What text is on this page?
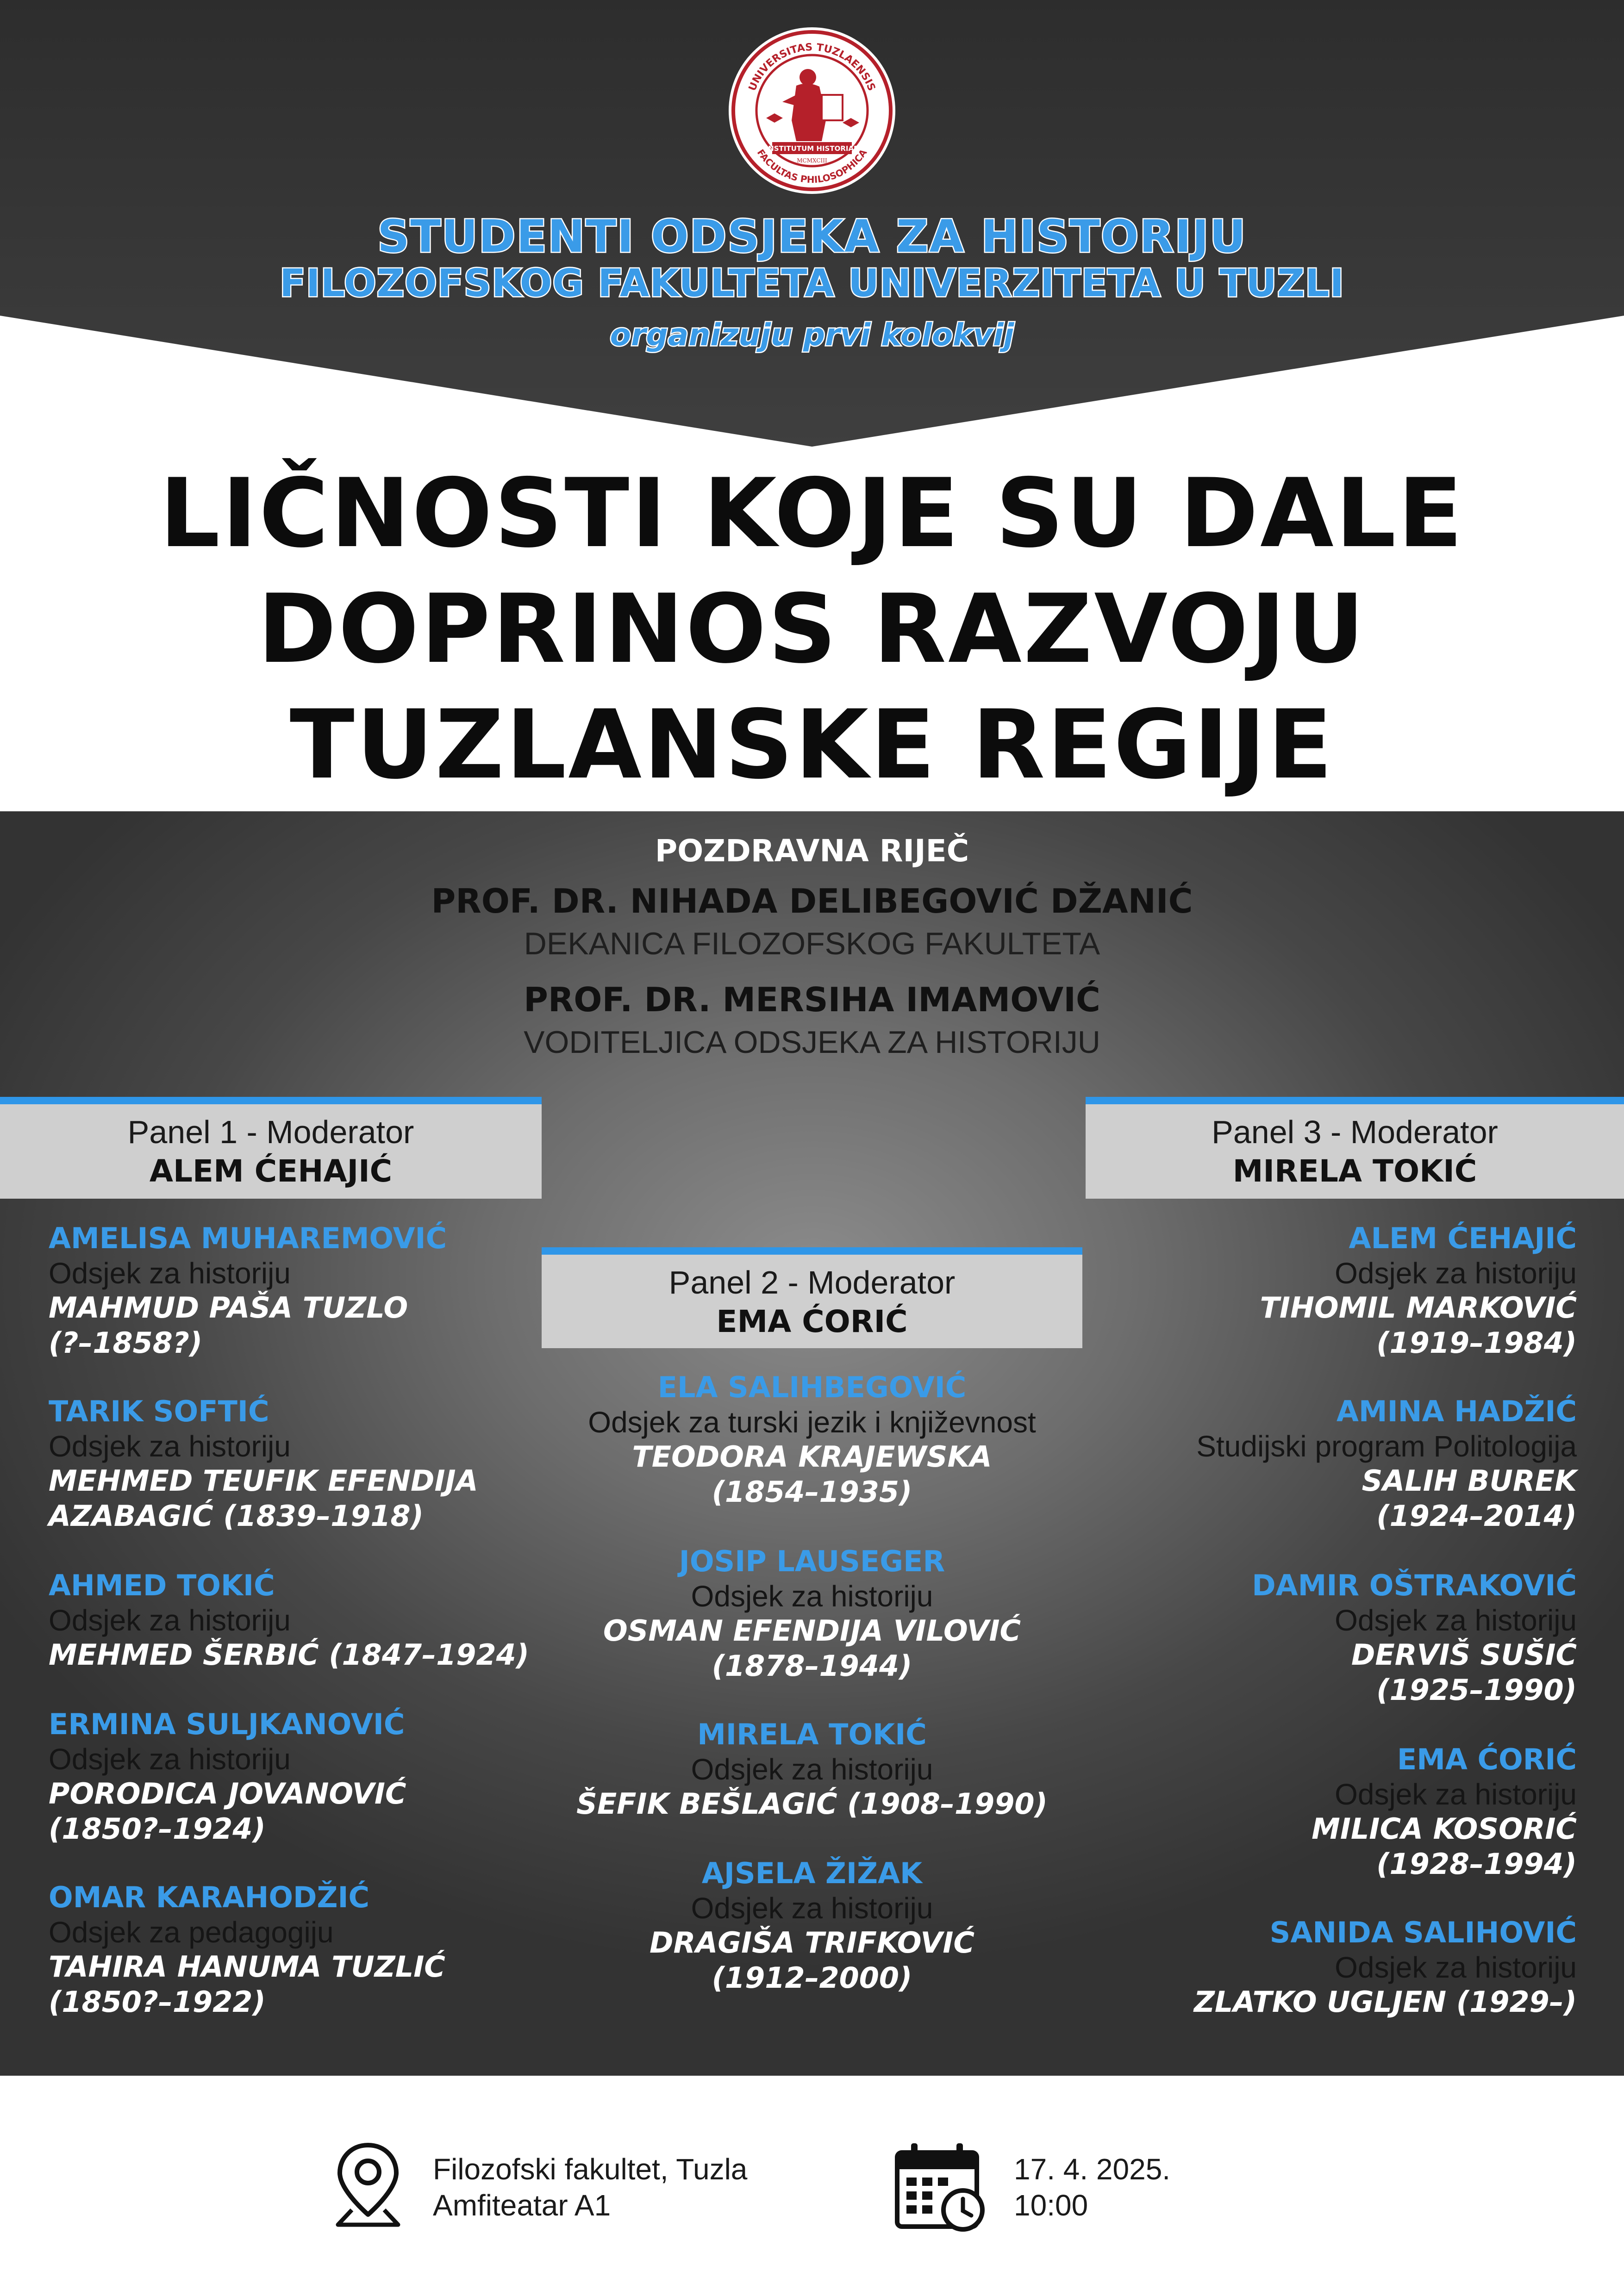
UNIVERSITAS TUZLAENSIS
FACULTAS PHILOSOPHICA
INSTITUTUM HISTORIAE
MCMXCIII
STUDENTI ODSJEKA ZA HISTORIJU
FILOZOFSKOG FAKULTETA UNIVERZITETA U TUZLI
organizuju prvi kolokvij
LIČNOSTI KOJE SU DALE
DOPRINOS RAZVOJU
TUZLANSKE REGIJE
POZDRAVNA RIJEČ
PROF. DR. NIHADA DELIBEGOVIĆ DŽANIĆ
DEKANICA FILOZOFSKOG FAKULTETA
PROF. DR. MERSIHA IMAMOVIĆ
VODITELJICA ODSJEKA ZA HISTORIJU
Panel 1 - Moderator
ALEM ĆEHAJIĆ
Panel 2 - Moderator
EMA ĆORIĆ
Panel 3 - Moderator
MIRELA TOKIĆ
AMELISA MUHAREMOVIĆ
Odsjek za historiju
MAHMUD PAŠA TUZLO
(?–1858?)
TARIK SOFTIĆ
Odsjek za historiju
MEHMED TEUFIK EFENDIJA
AZABAGIĆ (1839–1918)
AHMED TOKIĆ
Odsjek za historiju
MEHMED ŠERBIĆ (1847–1924)
ERMINA SULJKANOVIĆ
Odsjek za historiju
PORODICA JOVANOVIĆ
(1850?–1924)
OMAR KARAHODŽIĆ
Odsjek za pedagogiju
TAHIRA HANUMA TUZLIĆ
(1850?–1922)
ELA SALIHBEGOVIĆ
Odsjek za turski jezik i književnost
TEODORA KRAJEWSKA
(1854–1935)
JOSIP LAUSEGER
Odsjek za historiju
OSMAN EFENDIJA VILOVIĆ
(1878–1944)
MIRELA TOKIĆ
Odsjek za historiju
ŠEFIK BEŠLAGIĆ (1908–1990)
AJSELA ŽIŽAK
Odsjek za historiju
DRAGIŠA TRIFKOVIĆ
(1912–2000)
ALEM ĆEHAJIĆ
Odsjek za historiju
TIHOMIL MARKOVIĆ
(1919–1984)
AMINA HADŽIĆ
Studijski program Politologija
SALIH BUREK
(1924–2014)
DAMIR OŠTRAKOVIĆ
Odsjek za historiju
DERVIŠ SUŠIĆ
(1925–1990)
EMA ĆORIĆ
Odsjek za historiju
MILICA KOSORIĆ
(1928–1994)
SANIDA SALIHOVIĆ
Odsjek za historiju
ZLATKO UGLJEN (1929–)
Filozofski fakultet, Tuzla
Amfiteatar A1
17. 4. 2025.
10:00
